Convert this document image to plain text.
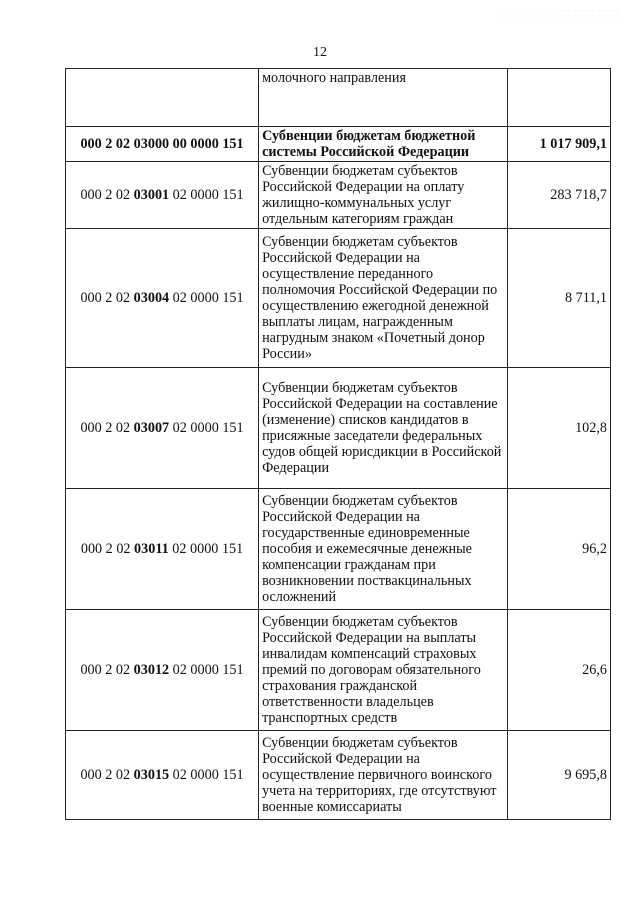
12
	молочного направления	
000 2 02 03000 00 0000 151	Субвенции бюджетам бюджетной системы Российской Федерации	1 017 909,1
000 2 02 03001 02 0000 151	Субвенции бюджетам субъектов Российской Федерации на оплату жилищно-коммунальных услуг отдельным категориям граждан	283 718,7
000 2 02 03004 02 0000 151	Субвенции бюджетам субъектов Российской Федерации на осуществление переданного полномочия Российской Федерации по осуществлению ежегодной денежной выплаты лицам, награжденным нагрудным знаком «Почетный донор России»	8 711,1
000 2 02 03007 02 0000 151	Субвенции бюджетам субъектов Российской Федерации на составление (изменение) списков кандидатов в присяжные заседатели федеральных судов общей юрисдикции в Российской Федерации	102,8
000 2 02 03011 02 0000 151	Субвенции бюджетам субъектов Российской Федерации на государственные единовременные пособия и ежемесячные денежные компенсации гражданам при возникновении поствакцинальных осложнений	96,2
000 2 02 03012 02 0000 151	Субвенции бюджетам субъектов Российской Федерации на выплаты инвалидам компенсаций страховых премий по договорам обязательного страхования гражданской ответственности владельцев транспортных средств	26,6
000 2 02 03015 02 0000 151	Субвенции бюджетам субъектов Российской Федерации на осуществление первичного воинского учета на территориях, где отсутствуют военные комиссариаты	9 695,8
